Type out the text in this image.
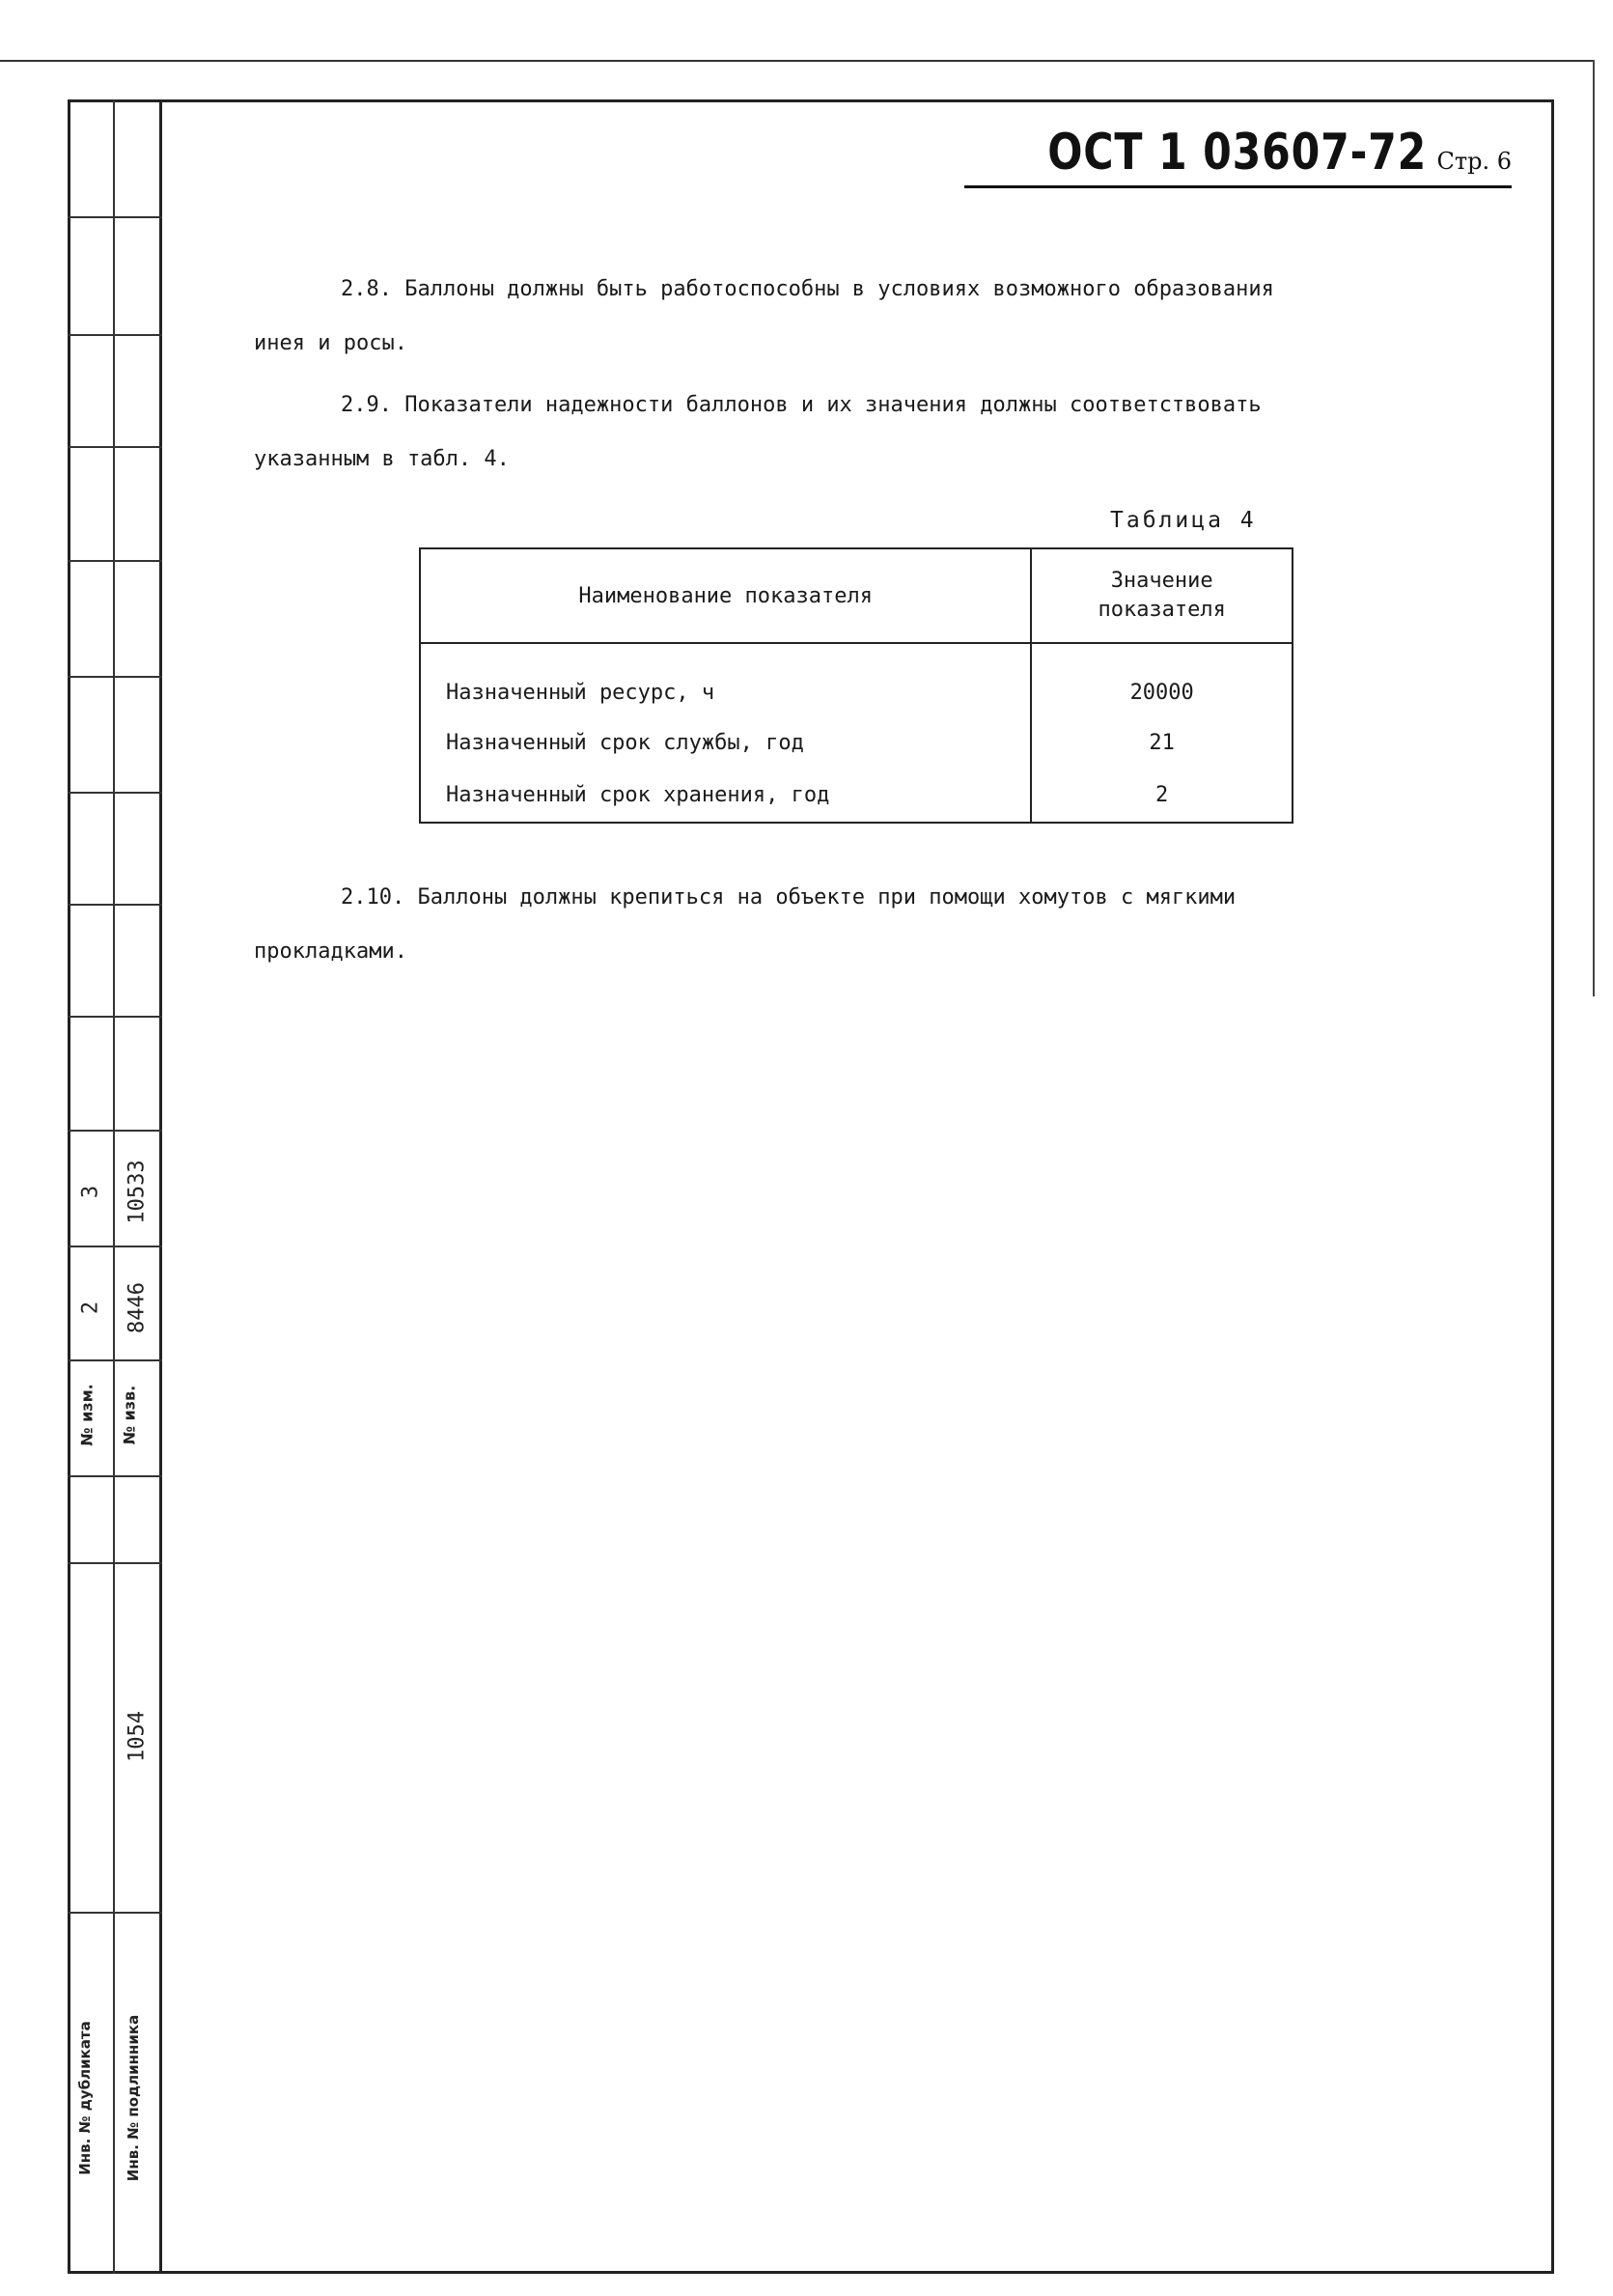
3 10533
2 8446
№ изм. № изв.
1054
Инв. № дубликата Инв. № подлинника
ОСТ 1 03607-72 Стр. 6
2.8. Баллоны должны быть работоспособны в условиях возможного образования
инея и росы.
2.9. Показатели надежности баллонов и их значения должны соответствовать
указанным в табл. 4.
Таблица 4
Наименование показателя	Значение
показателя

Назначенный ресурс, ч	20000
Назначенный срок службы, год	21
Назначенный срок хранения, год	2
2.10. Баллоны должны крепиться на объекте при помощи хомутов с мягкими
прокладками.
